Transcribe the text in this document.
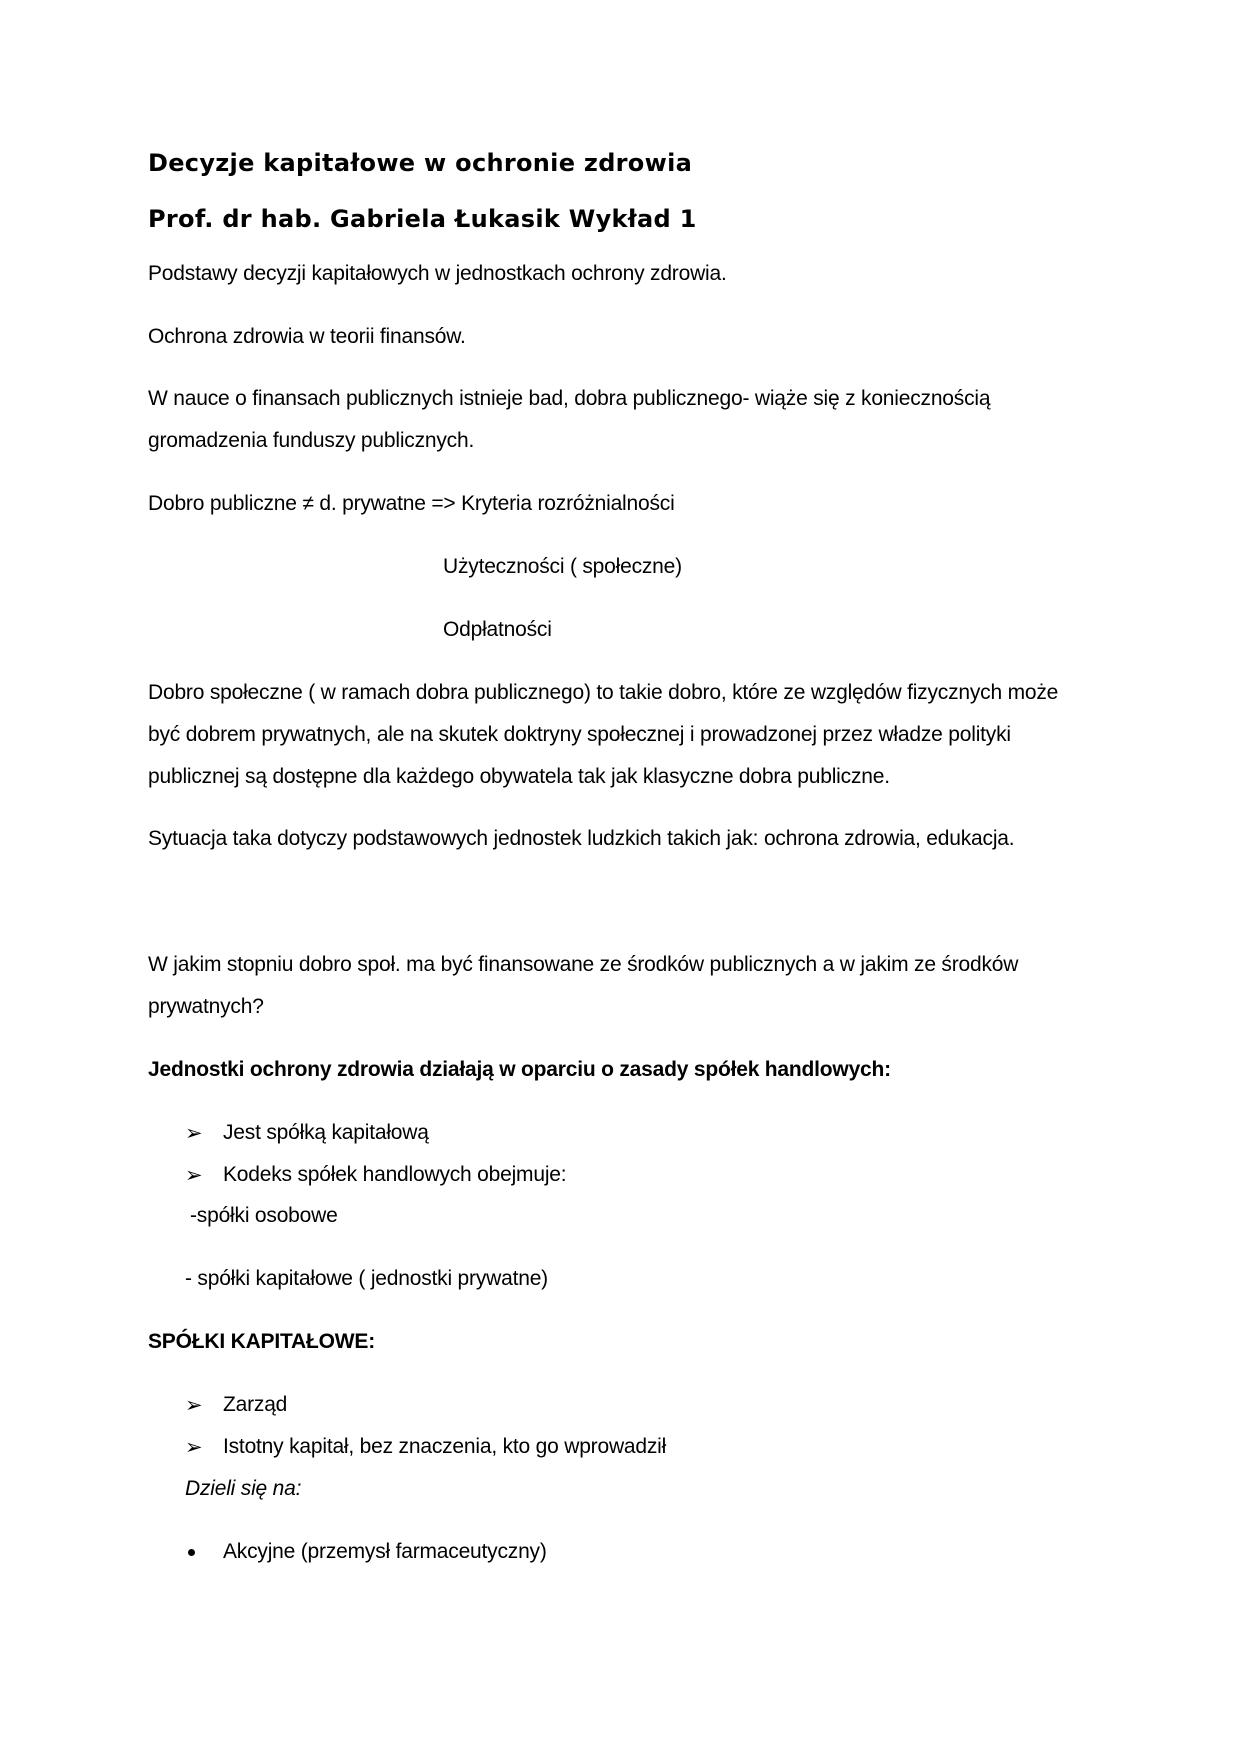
Decyzje kapitałowe w ochronie zdrowia
Prof. dr hab. Gabriela Łukasik Wykład 1
Podstawy decyzji kapitałowych w jednostkach ochrony zdrowia.
Ochrona zdrowia w teorii finansów.
W nauce o finansach publicznych istnieje bad, dobra publicznego- wiąże się z koniecznością
gromadzenia funduszy publicznych.
Dobro publiczne ≠ d. prywatne => Kryteria rozróżnialności
Użyteczności ( społeczne)
Odpłatności
Dobro społeczne ( w ramach dobra publicznego) to takie dobro, które ze względów fizycznych może
być dobrem prywatnych, ale na skutek doktryny społecznej i prowadzonej przez władze polityki
publicznej są dostępne dla każdego obywatela tak jak klasyczne dobra publiczne.
Sytuacja taka dotyczy podstawowych jednostek ludzkich takich jak: ochrona zdrowia, edukacja.
W jakim stopniu dobro społ. ma być finansowane ze środków publicznych a w jakim ze środków
prywatnych?
Jednostki ochrony zdrowia działają w oparciu o zasady spółek handlowych:
➢ Jest spółką kapitałową
➢ Kodeks spółek handlowych obejmuje:
-spółki osobowe
- spółki kapitałowe ( jednostki prywatne)
SPÓŁKI KAPITAŁOWE:
➢ Zarząd
➢ Istotny kapitał, bez znaczenia, kto go wprowadził
Dzieli się na:
Akcyjne (przemysł farmaceutyczny)
